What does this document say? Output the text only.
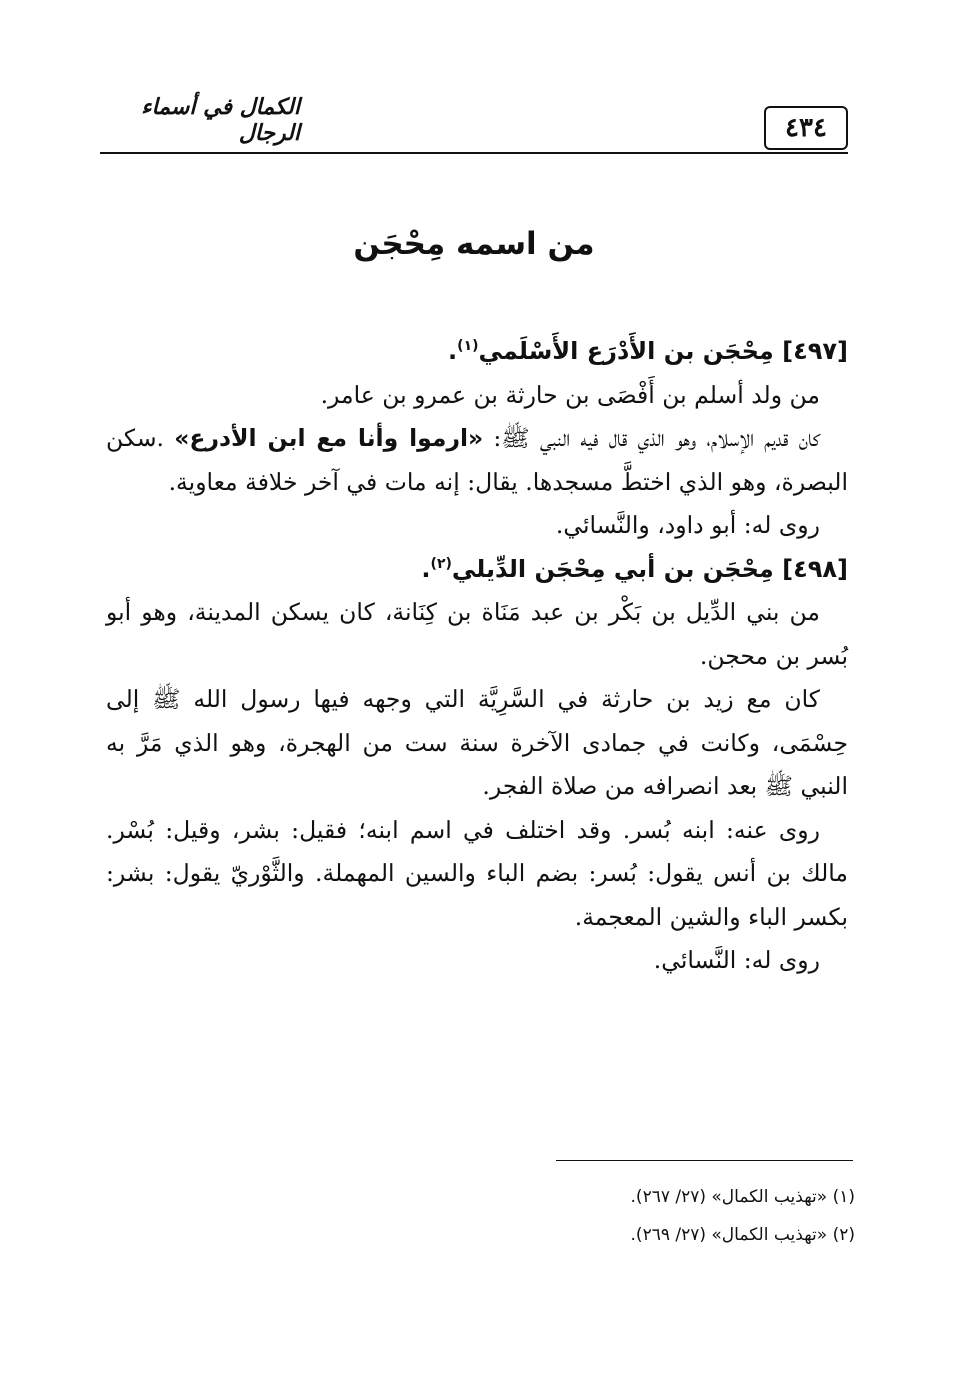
الكمال في أسماء الرجال	٤٣٤
من اسمه مِحْجَن

[٤٩٧] مِحْجَن بن الأَدْرَع الأَسْلَمي$^{(١)}$.

من ولد أسلم بن أَفْصَى بن حارثة بن عمرو بن عامر.

كان قديم الإسلام، وهو الذي قال فيه النبي ﷺ: «ارموا وأنا مع ابن الأدرع» .سكن البصرة، وهو الذي اختطَّ مسجدها. يقال: إنه مات في آخر خلافة معاوية.

روى له: أبو داود، والنَّسائي.

[٤٩٨] مِحْجَن بن أبي مِحْجَن الدِّيلي$^{(٢)}$.

من بني الدِّيل بن بَكْر بن عبد مَنَاة بن كِنَانة، كان يسكن المدينة، وهو أبو بُسر بن محجن.

كان مع زيد بن حارثة في السَّرِيَّة التي وجهه فيها رسول الله ﷺ إلى حِسْمَى، وكانت في جمادى الآخرة سنة ست من الهجرة، وهو الذي مَرَّ به النبي ﷺ بعد انصرافه من صلاة الفجر.

روى عنه: ابنه بُسر. وقد اختلف في اسم ابنه؛ فقيل: بشر، وقيل: بُسْر. مالك بن أنس يقول: بُسر: بضم الباء والسين المهملة. والثَّوْريّ يقول: بشر: بكسر الباء والشين المعجمة.

روى له: النَّسائي.

(١) «تهذيب الكمال» (٢٧/ ٢٦٧).

(٢) «تهذيب الكمال» (٢٧/ ٢٦٩).
